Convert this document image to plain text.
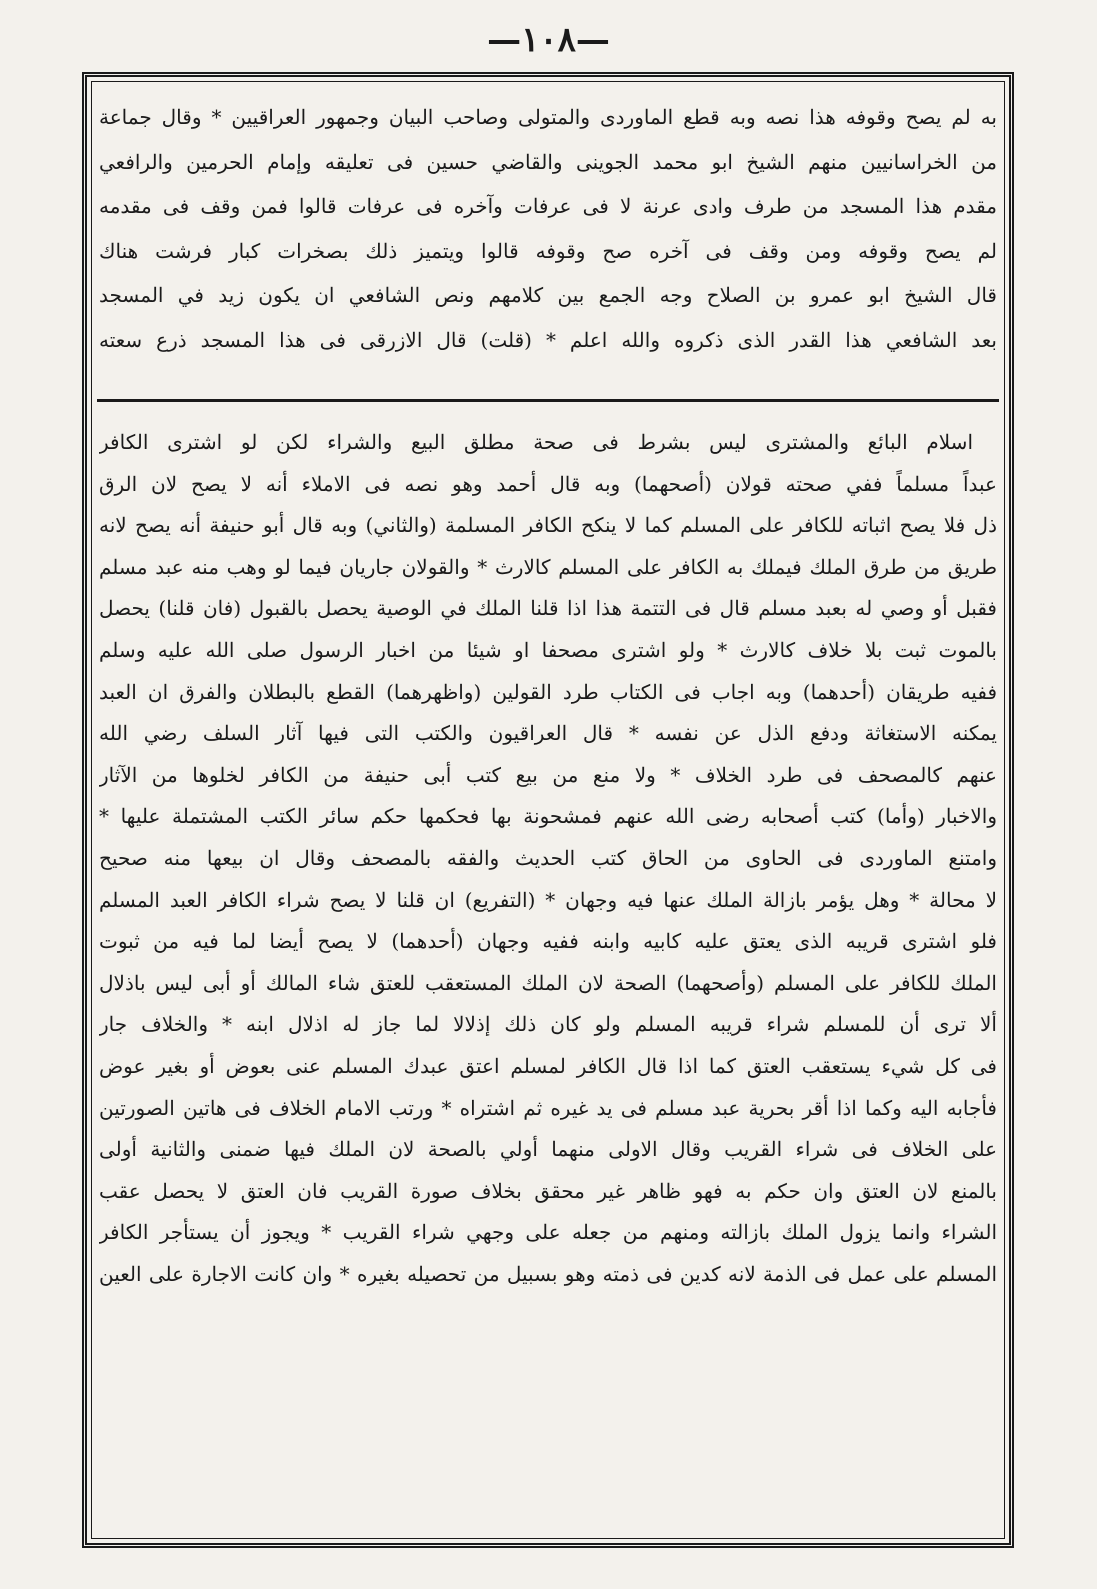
—١٠٨—
به لم يصح وقوفه هذا نصه وبه قطع الماوردى والمتولى وصاحب البيان وجمهور العراقيين * وقال جماعة
من الخراسانيين منهم الشيخ ابو محمد الجوينى والقاضي حسين فى تعليقه وإمام الحرمين والرافعي
مقدم هذا المسجد من طرف وادى عرنة لا فى عرفات وآخره فى عرفات قالوا فمن وقف فى مقدمه
لم يصح وقوفه ومن وقف فى آخره صح وقوفه قالوا ويتميز ذلك بصخرات كبار فرشت هناك
قال الشيخ ابو عمرو بن الصلاح وجه الجمع بين كلامهم ونص الشافعي ان يكون زيد في المسجد
بعد الشافعي هذا القدر الذى ذكروه والله اعلم * (قلت) قال الازرقى فى هذا المسجد ذرع سعته
اسلام البائع والمشترى ليس بشرط فى صحة مطلق البيع والشراء لكن لو اشترى الكافر
عبداً مسلماً ففي صحته قولان (أصحهما) وبه قال أحمد وهو نصه فى الاملاء أنه لا يصح لان الرق
ذل فلا يصح اثباته للكافر على المسلم كما لا ينكح الكافر المسلمة (والثاني) وبه قال أبو حنيفة أنه يصح لانه
طريق من طرق الملك فيملك به الكافر على المسلم كالارث * والقولان جاريان فيما لو وهب منه عبد مسلم
فقبل أو وصي له بعبد مسلم قال فى التتمة هذا اذا قلنا الملك في الوصية يحصل بالقبول (فان قلنا) يحصل
بالموت ثبت بلا خلاف كالارث * ولو اشترى مصحفا او شيئا من اخبار الرسول صلى الله عليه وسلم
ففيه طريقان (أحدهما) وبه اجاب فى الكتاب طرد القولين (واظهرهما) القطع بالبطلان والفرق ان العبد
يمكنه الاستغاثة ودفع الذل عن نفسه * قال العراقيون والكتب التى فيها آثار السلف رضي الله
عنهم كالمصحف فى طرد الخلاف * ولا منع من بيع كتب أبى حنيفة من الكافر لخلوها من الآثار
والاخبار (وأما) كتب أصحابه رضى الله عنهم فمشحونة بها فحكمها حكم سائر الكتب المشتملة عليها *
وامتنع الماوردى فى الحاوى من الحاق كتب الحديث والفقه بالمصحف وقال ان بيعها منه صحيح
لا محالة * وهل يؤمر بازالة الملك عنها فيه وجهان * (التفريع) ان قلنا لا يصح شراء الكافر العبد المسلم
فلو اشترى قريبه الذى يعتق عليه كابيه وابنه ففيه وجهان (أحدهما) لا يصح أيضا لما فيه من ثبوت
الملك للكافر على المسلم (وأصحهما) الصحة لان الملك المستعقب للعتق شاء المالك أو أبى ليس باذلال
ألا ترى أن للمسلم شراء قريبه المسلم ولو كان ذلك إذلالا لما جاز له اذلال ابنه * والخلاف جار
فى كل شيء يستعقب العتق كما اذا قال الكافر لمسلم اعتق عبدك المسلم عنى بعوض أو بغير عوض
فأجابه اليه وكما اذا أقر بحرية عبد مسلم فى يد غيره ثم اشتراه * ورتب الامام الخلاف فى هاتين الصورتين
على الخلاف فى شراء القريب وقال الاولى منهما أولي بالصحة لان الملك فيها ضمنى والثانية أولى
بالمنع لان العتق وان حكم به فهو ظاهر غير محقق بخلاف صورة القريب فان العتق لا يحصل عقب
الشراء وانما يزول الملك بازالته ومنهم من جعله على وجهي شراء القريب * ويجوز أن يستأجر الكافر
المسلم على عمل فى الذمة لانه كدين فى ذمته وهو بسبيل من تحصيله بغيره * وان كانت الاجارة على العين
